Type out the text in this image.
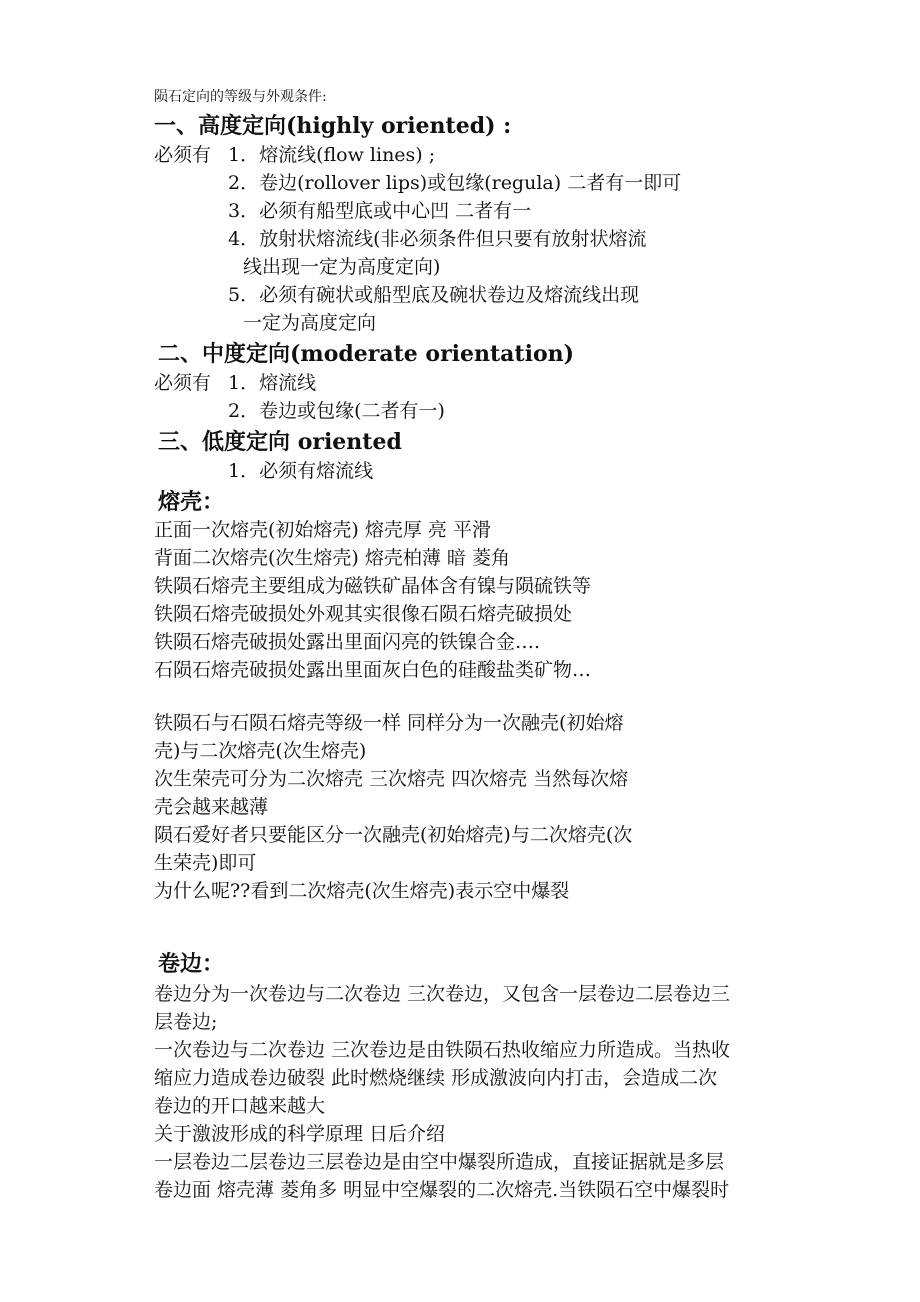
陨石定向的等级与外观条件:
一、高度定向(highly oriented) :
必须有 1．熔流线(flow lines) ;
2．卷边(rollover lips)或包缘(regula) 二者有一即可
3．必须有船型底或中心凹 二者有一
4．放射状熔流线(非必须条件但只要有放射状熔流
线出现一定为高度定向)
5．必须有碗状或船型底及碗状卷边及熔流线出现
一定为高度定向
二、中度定向(moderate orientation)
必须有 1．熔流线
2．卷边或包缘(二者有一)
三、低度定向 oriented
1．必须有熔流线
熔壳：
正面一次熔壳(初始熔壳) 熔壳厚 亮 平滑
背面二次熔壳(次生熔壳) 熔壳柏薄 暗 菱角
铁陨石熔壳主要组成为磁铁矿晶体含有镍与陨硫铁等
铁陨石熔壳破损处外观其实很像石陨石熔壳破损处
铁陨石熔壳破损处露出里面闪亮的铁镍合金….
石陨石熔壳破损处露出里面灰白色的硅酸盐类矿物…
铁陨石与石陨石熔壳等级一样 同样分为一次融壳(初始熔
壳)与二次熔壳(次生熔壳)
次生荣壳可分为二次熔壳 三次熔壳 四次熔壳 当然每次熔
壳会越来越薄
陨石爱好者只要能区分一次融壳(初始熔壳)与二次熔壳(次
生荣壳)即可
为什么呢??看到二次熔壳(次生熔壳)表示空中爆裂
卷边：
卷边分为一次卷边与二次卷边 三次卷边，又包含一层卷边二层卷边三
层卷边;
一次卷边与二次卷边 三次卷边是由铁陨石热收缩应力所造成。当热收
缩应力造成卷边破裂 此时燃烧继续 形成激波向内打击，会造成二次
卷边的开口越来越大
关于激波形成的科学原理 日后介绍
一层卷边二层卷边三层卷边是由空中爆裂所造成，直接证据就是多层
卷边面 熔壳薄 菱角多 明显中空爆裂的二次熔壳.当铁陨石空中爆裂时
